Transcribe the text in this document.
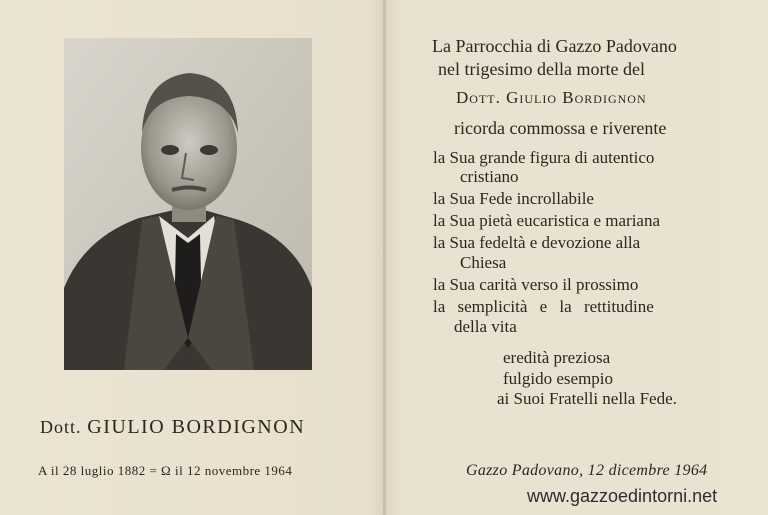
Dott. GIULIO BORDIGNON
A il 28 luglio 1882 = Ω il 12 novembre 1964
La Parrocchia di Gazzo Padovano
nel trigesimo della morte del
Dott. Giulio Bordignon
ricorda commossa e riverente
la Sua grande figura di autentico
cristiano
la Sua Fede incrollabile
la Sua pietà eucaristica e mariana
la Sua fedeltà e devozione alla
Chiesa
la Sua carità verso il prossimo
la semplicità e la rettitudine
della vita
eredità preziosa
fulgido esempio
ai Suoi Fratelli nella Fede.
Gazzo Padovano, 12 dicembre 1964
www.gazzoedintorni.net
